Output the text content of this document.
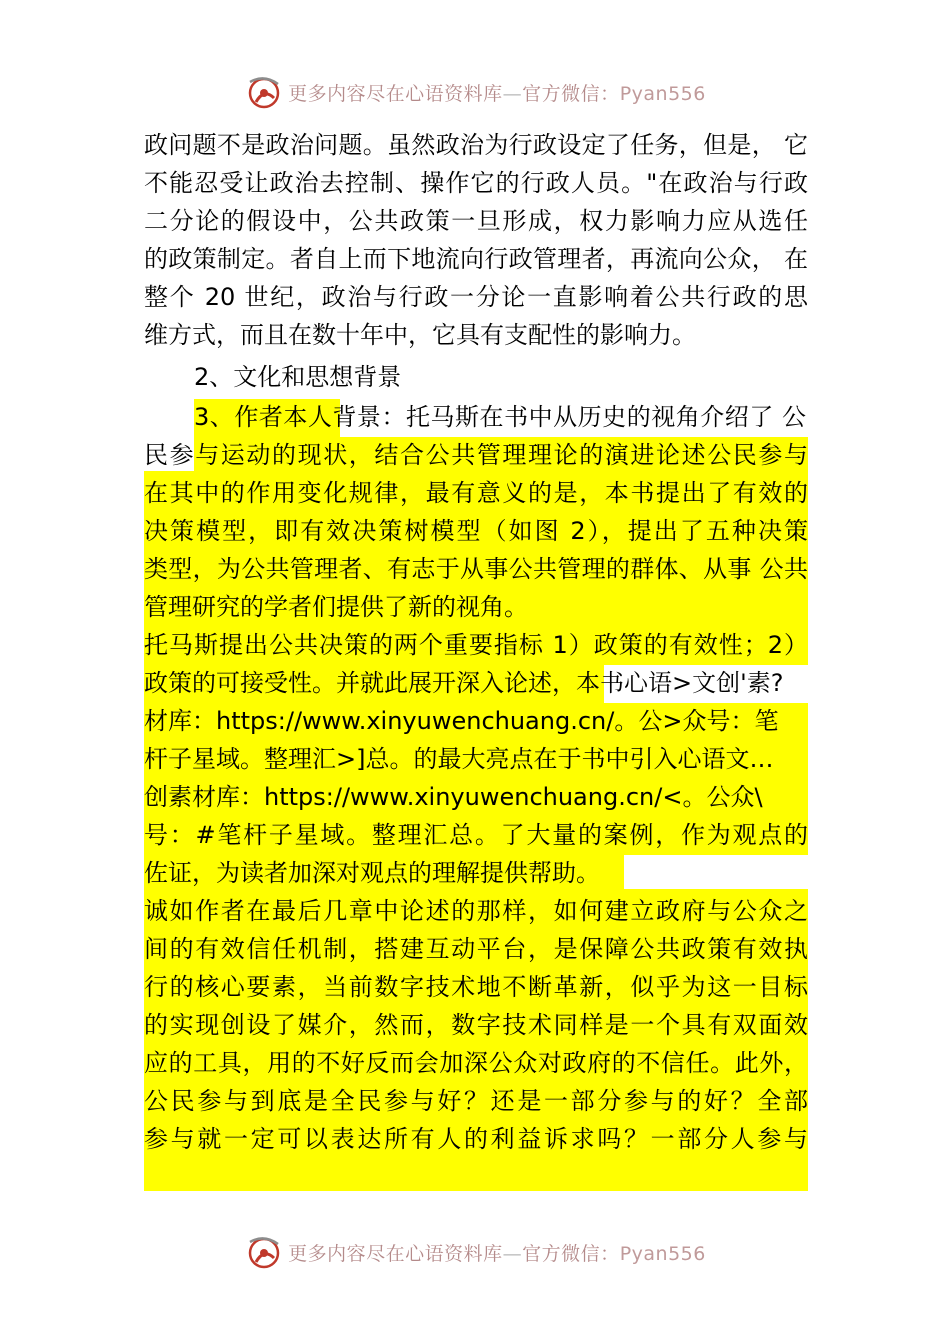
更多内容尽在心语资料库—官方微信：Pyan556
政问题不是政治问题。虽然政治为行政设定了任务，但是， 它
不能忍受让政治去控制、操作它的行政人员。"在政治与行政
二分论的假设中，公共政策一旦形成，权力影响力应从选任
的政策制定。者自上而下地流向行政管理者，再流向公众， 在
整个 20 世纪，政治与行政一分论一直影响着公共行政的思
维方式，而且在数十年中，它具有支配性的影响力。
2、文化和思想背景
3、作者本人背景：托马斯在书中从历史的视角介绍了 公
民参与运动的现状，结合公共管理理论的演进论述公民参与
在其中的作用变化规律，最有意义的是，本书提出了有效的
决策模型，即有效决策树模型（如图 2），提出了五种决策
类型，为公共管理者、有志于从事公共管理的群体、从事 公共
管理研究的学者们提供了新的视角。
托马斯提出公共决策的两个重要指标 1）政策的有效性；2）
政策的可接受性。并就此展开深入论述，本书心语>文创'素?
材库：https://www.xinyuwenchuang.cn/。公>众号：笔
杆子星域。整理汇>]总。的最大亮点在于书中引入心语文…
创素材库：https://www.xinyuwenchuang.cn/<。公众\
号：#笔杆子星域。整理汇总。了大量的案例，作为观点的
佐证，为读者加深对观点的理解提供帮助。
诚如作者在最后几章中论述的那样，如何建立政府与公众之
间的有效信任机制，搭建互动平台，是保障公共政策有效执
行的核心要素，当前数字技术地不断革新，似乎为这一目标
的实现创设了媒介，然而，数字技术同样是一个具有双面效
应的工具，用的不好反而会加深公众对政府的不信任。此外，
公民参与到底是全民参与好？还是一部分参与的好？全部
参与就一定可以表达所有人的利益诉求吗？一部分人参与
更多内容尽在心语资料库—官方微信：Pyan556
